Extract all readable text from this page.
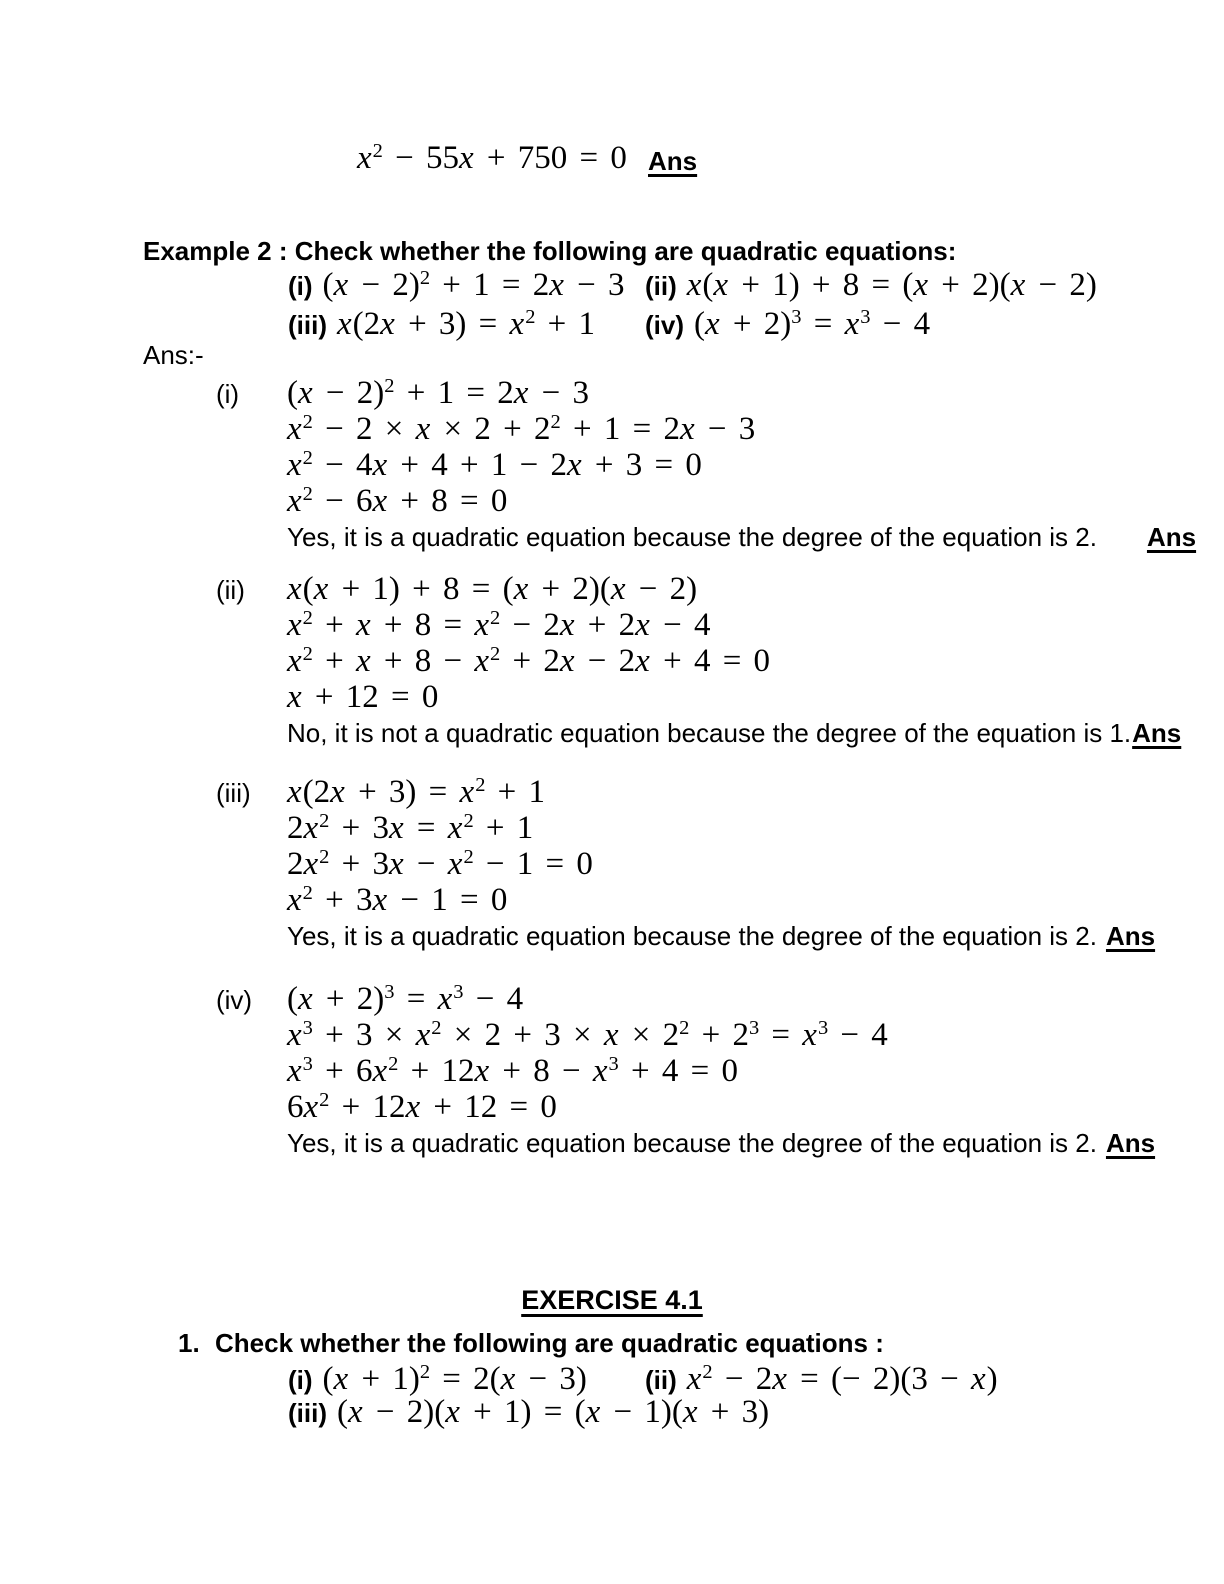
$x^2 - 55x + 750 = 0$ Ans
Example 2 : Check whether the following are quadratic equations:
(i) $(x - 2)^2 + 1 = 2x - 3$ (ii) x(x + 1) + 8 = (x + 2)(x − 2)
(iii) $x(2x + 3) = x^2 + 1$ (iv) $(x + 2)^3 = x^3 - 4$
Ans:-
(i) $(x - 2)^2 + 1 = 2x - 3$
$x^2 - 2 \times x \times 2 + 2^2 + 1 = 2x - 3$
$x^2 - 4x + 4 + 1 - 2x + 3 = 0$
$x^2 - 6x + 8 = 0$
Yes, it is a quadratic equation because the degree of the equation is 2. Ans
(ii) x(x + 1) + 8 = (x + 2)(x − 2)
$x^2 + x + 8 = x^2 - 2x + 2x - 4$
$x^2 + x + 8 - x^2 + 2x - 2x + 4 = 0$
x + 12 = 0
No, it is not a quadratic equation because the degree of the equation is 1. Ans
(iii) $x(2x + 3) = x^2 + 1$
$2x^2 + 3x = x^2 + 1$
$2x^2 + 3x - x^2 - 1 = 0$
$x^2 + 3x - 1 = 0$
Yes, it is a quadratic equation because the degree of the equation is 2. Ans
(iv) $(x + 2)^3 = x^3 - 4$
$x^3 + 3 \times x^2 \times 2 + 3 \times x \times 2^2 + 2^3 = x^3 - 4$
$x^3 + 6x^2 + 12x + 8 - x^3 + 4 = 0$
$6x^2 + 12x + 12 = 0$
Yes, it is a quadratic equation because the degree of the equation is 2. Ans
EXERCISE 4.1
1. Check whether the following are quadratic equations :
(i) $(x + 1)^2 = 2(x - 3)$ (ii) $x^2 - 2x$ = (− 2)(3 − x)
(iii) (x − 2)(x + 1) = (x − 1)(x + 3)
